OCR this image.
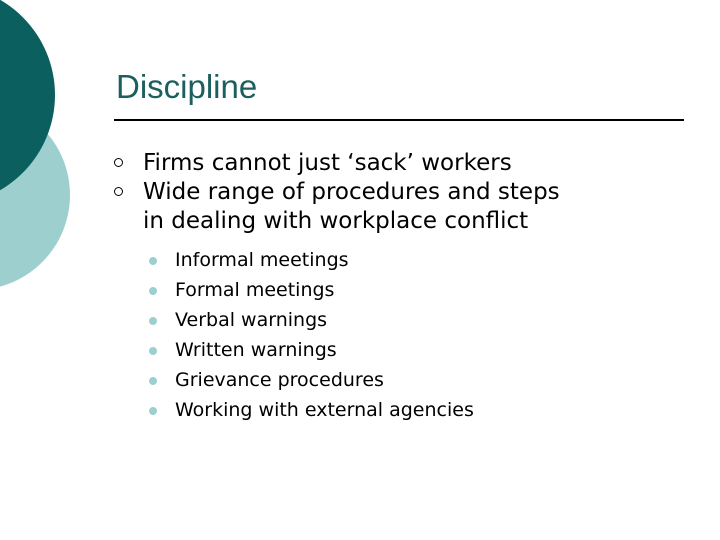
Discipline
Firms cannot just ‘sack’ workers
Wide range of procedures and steps
in dealing with workplace conflict
Informal meetings
Formal meetings
Verbal warnings
Written warnings
Grievance procedures
Working with external agencies
